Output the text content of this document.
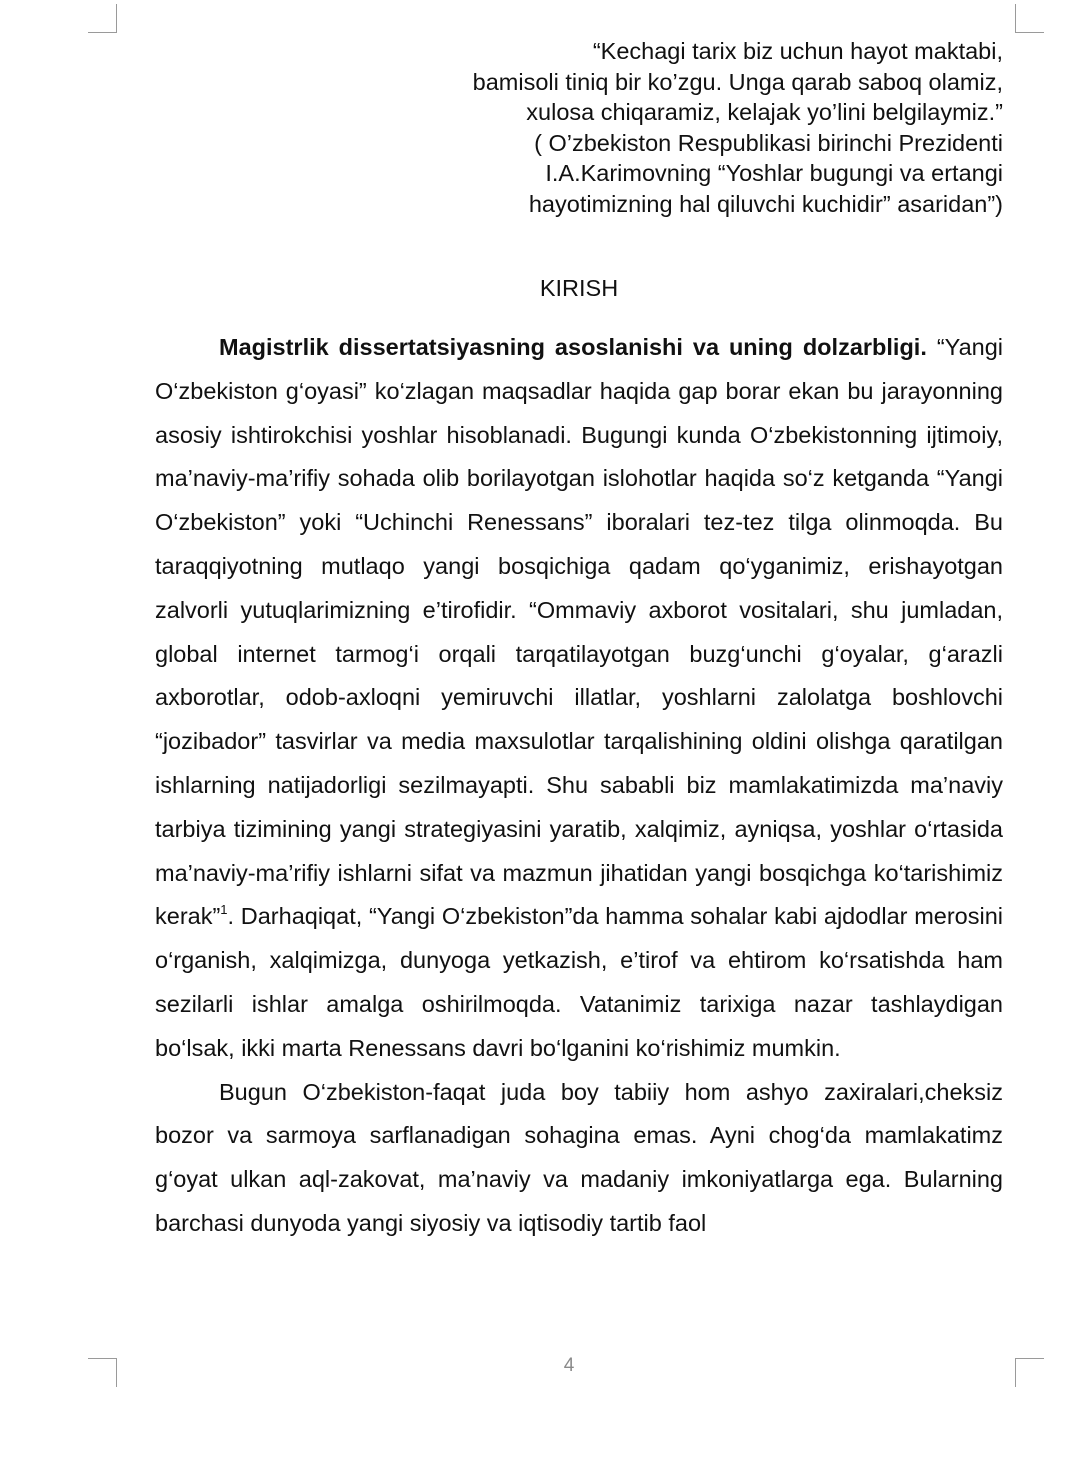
“Kechagi tarix biz uchun hayot maktabi,
bamisoli tiniq bir ko’zgu. Unga qarab saboq olamiz,
xulosa chiqaramiz, kelajak yo’lini belgilaymiz.”
( O’zbekiston Respublikasi birinchi Prezidenti
I.A.Karimovning “Yoshlar bugungi va ertangi
hayotimizning hal qiluvchi kuchidir” asaridan”)
KIRISH

Magistrlik dissertatsiyasning asoslanishi va uning dolzarbligi. “Yangi O‘zbekiston g‘oyasi” ko‘zlagan maqsadlar haqida gap borar ekan bu jarayonning asosiy ishtirokchisi yoshlar hisoblanadi. Bugungi kunda O‘zbekistonning ijtimoiy, ma’naviy-ma’rifiy sohada olib borilayotgan islohotlar haqida so‘z ketganda “Yangi O‘zbekiston” yoki “Uchinchi Renessans” iboralari tez-tez tilga olinmoqda. Bu taraqqiyotning mutlaqo yangi bosqichiga qadam qo‘yganimiz, erishayotgan zalvorli yutuqlarimizning e’tirofidir. “Ommaviy axborot vositalari, shu jumladan, global internet tarmog‘i orqali tarqatilayotgan buzg‘unchi g‘oyalar, g‘arazli axborotlar, odob-axloqni yemiruvchi illatlar, yoshlarni zalolatga boshlovchi “jozibador” tasvirlar va media maxsulotlar tarqalishining oldini olishga qaratilgan ishlarning natijadorligi sezilmayapti. Shu sababli biz mamlakatimizda ma’naviy tarbiya tizimining yangi strategiyasini yaratib, xalqimiz, ayniqsa, yoshlar o‘rtasida ma’naviy-ma’rifiy ishlarni sifat va mazmun jihatidan yangi bosqichga ko‘tarishimiz kerak”$^1$. Darhaqiqat, “Yangi O‘zbekiston”da hamma sohalar kabi ajdodlar merosini o‘rganish, xalqimizga, dunyoga yetkazish, e’tirof va ehtirom ko‘rsatishda ham sezilarli ishlar amalga oshirilmoqda. Vatanimiz tarixiga nazar tashlaydigan bo‘lsak, ikki marta Renessans davri bo‘lganini ko‘rishimiz mumkin.

Bugun O‘zbekiston-faqat juda boy tabiiy hom ashyo zaxiralari,cheksiz bozor va sarmoya sarflanadigan sohagina emas. Ayni chog‘da mamlakatimz g‘oyat ulkan aql-zakovat, ma’naviy va madaniy imkoniyatlarga ega. Bularning barchasi dunyoda yangi siyosiy va iqtisodiy tartib faol

4
